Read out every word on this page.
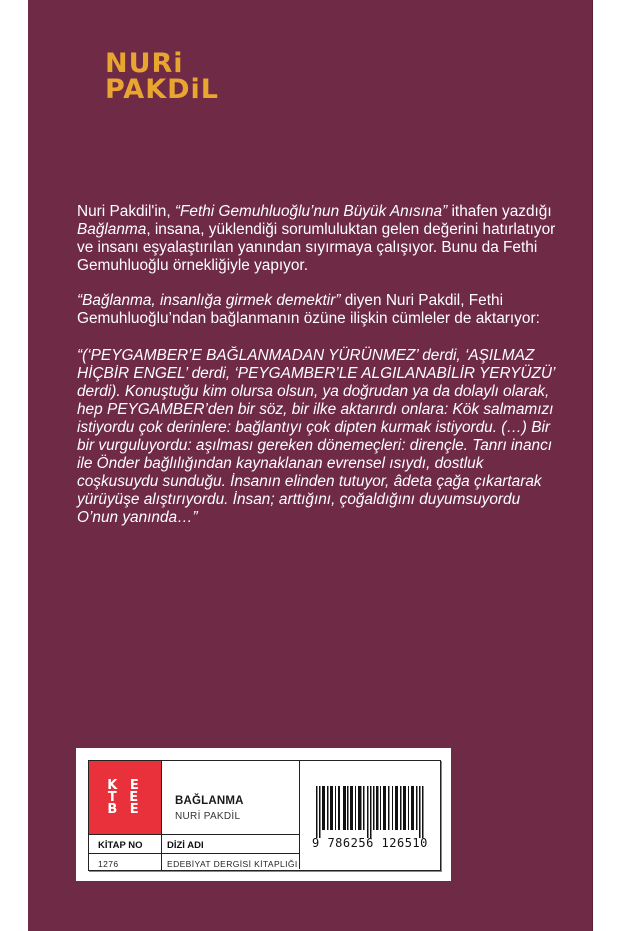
NURi
PAKDiL

Nuri Pakdil'in, “Fethi Gemuhluoğlu’nun Büyük Anısına” ithafen yazdığı Bağlanma, insana, yüklendiği sorumluluktan gelen değerini hatırlatıyor ve insanı eşyalaştırılan yanından sıyırmaya çalışıyor. Bunu da Fethi Gemuhluoğlu örnekliğiyle yapıyor.

“Bağlanma, insanlığa girmek demektir” diyen Nuri Pakdil, Fethi Gemuhluoğlu’ndan bağlanmanın özüne ilişkin cümleler de aktarıyor:

“(‘PEYGAMBER’E BAĞLANMADAN YÜRÜNMEZ’ derdi, ‘AŞILMAZ HİÇBİR ENGEL’ derdi, ‘PEYGAMBER’LE ALGILANABİLİR YERYÜZÜ’ derdi). Konuştuğu kim olursa olsun, ya doğrudan ya da dolaylı olarak, hep PEYGAMBER’den bir söz, bir ilke aktarırdı onlara: Kök salmamızı istiyordu çok derinlere: bağlantıyı çok dipten kurmak istiyordu. (…) Bir bir vurguluyordu: aşılması gereken dönemeçleri: dirençle. Tanrı inancı ile Önder bağlılığından kaynaklanan evrensel ısıydı, dostluk coşkusuydu sunduğu. İnsanın elinden tutuyor, âdeta çağa çıkartarak yürüyüşe alıştırıyordu. İnsan; arttığını, çoğaldığını duyumsuyordu O’nun yanında…”

K E
T E
B E
BAĞLANMA
NURİ PAKDİL
KİTAP NO	DİZİ ADI
1276	EDEBİYAT DERGİSİ KİTAPLIĞI
9 786256 126510
